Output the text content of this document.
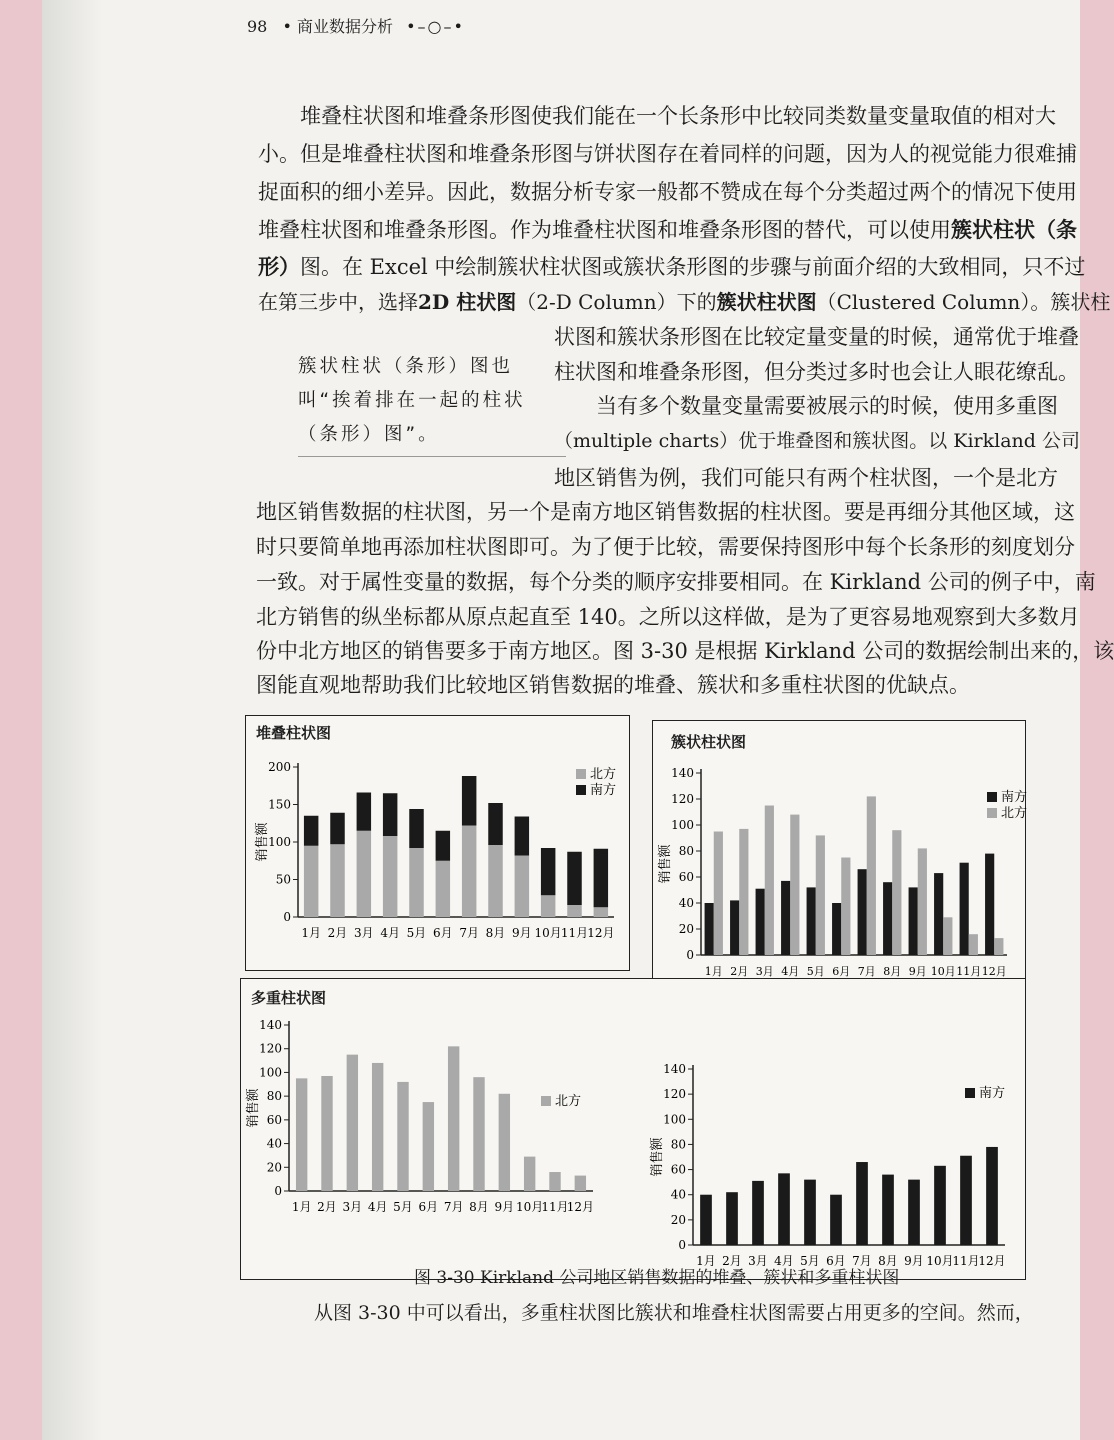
98 • 商业数据分析 •–○–•
堆叠柱状图和堆叠条形图使我们能在一个长条形中比较同类数量变量取值的相对大
小。但是堆叠柱状图和堆叠条形图与饼状图存在着同样的问题，因为人的视觉能力很难捕
捉面积的细小差异。因此，数据分析专家一般都不赞成在每个分类超过两个的情况下使用
堆叠柱状图和堆叠条形图。作为堆叠柱状图和堆叠条形图的替代，可以使用簇状柱状（条
形）图。在 Excel 中绘制簇状柱状图或簇状条形图的步骤与前面介绍的大致相同，只不过
在第三步中，选择2D 柱状图（2-D Column）下的簇状柱状图（Clustered Column）。簇状柱
状图和簇状条形图在比较定量变量的时候，通常优于堆叠
柱状图和堆叠条形图，但分类过多时也会让人眼花缭乱。
簇状柱状（条形）图也叫“挨着排在一起的柱状（条形）图”。
当有多个数量变量需要被展示的时候，使用多重图
（multiple charts）优于堆叠图和簇状图。以 Kirkland 公司
地区销售为例，我们可能只有两个柱状图，一个是北方
地区销售数据的柱状图，另一个是南方地区销售数据的柱状图。要是再细分其他区域，这
时只要简单地再添加柱状图即可。为了便于比较，需要保持图形中每个长条形的刻度划分
一致。对于属性变量的数据，每个分类的顺序安排要相同。在 Kirkland 公司的例子中，南
北方销售的纵坐标都从原点起直至 140。之所以这样做，是为了更容易地观察到大多数月
份中北方地区的销售要多于南方地区。图 3-30 是根据 Kirkland 公司的数据绘制出来的，该
图能直观地帮助我们比较地区销售数据的堆叠、簇状和多重柱状图的优缺点。
堆叠柱状图
0
50
100
150
200
销售额
1月 2月 3月 4月 5月 6月 7月 8月 9月 10月 11月 12月
北方
南方
簇状柱状图
0
20
40
60
80
100
120
140
销售额
1月 2月 3月 4月 5月 6月 7月 8月 9月 10月 11月 12月
南方
北方
多重柱状图
0
20
40
60
80
100
120
140
销售额
1月 2月 3月 4月 5月 6月 7月 8月 9月 10月
11月
12月
北方
0
20
40
60
80
100
120
140
销售额
1月 2月 3月 4月 5月 6月 7月 8月 9月 10月
11月
12月
南方
图 3-30 Kirkland 公司地区销售数据的堆叠、簇状和多重柱状图
从图 3-30 中可以看出，多重柱状图比簇状和堆叠柱状图需要占用更多的空间。然而，
